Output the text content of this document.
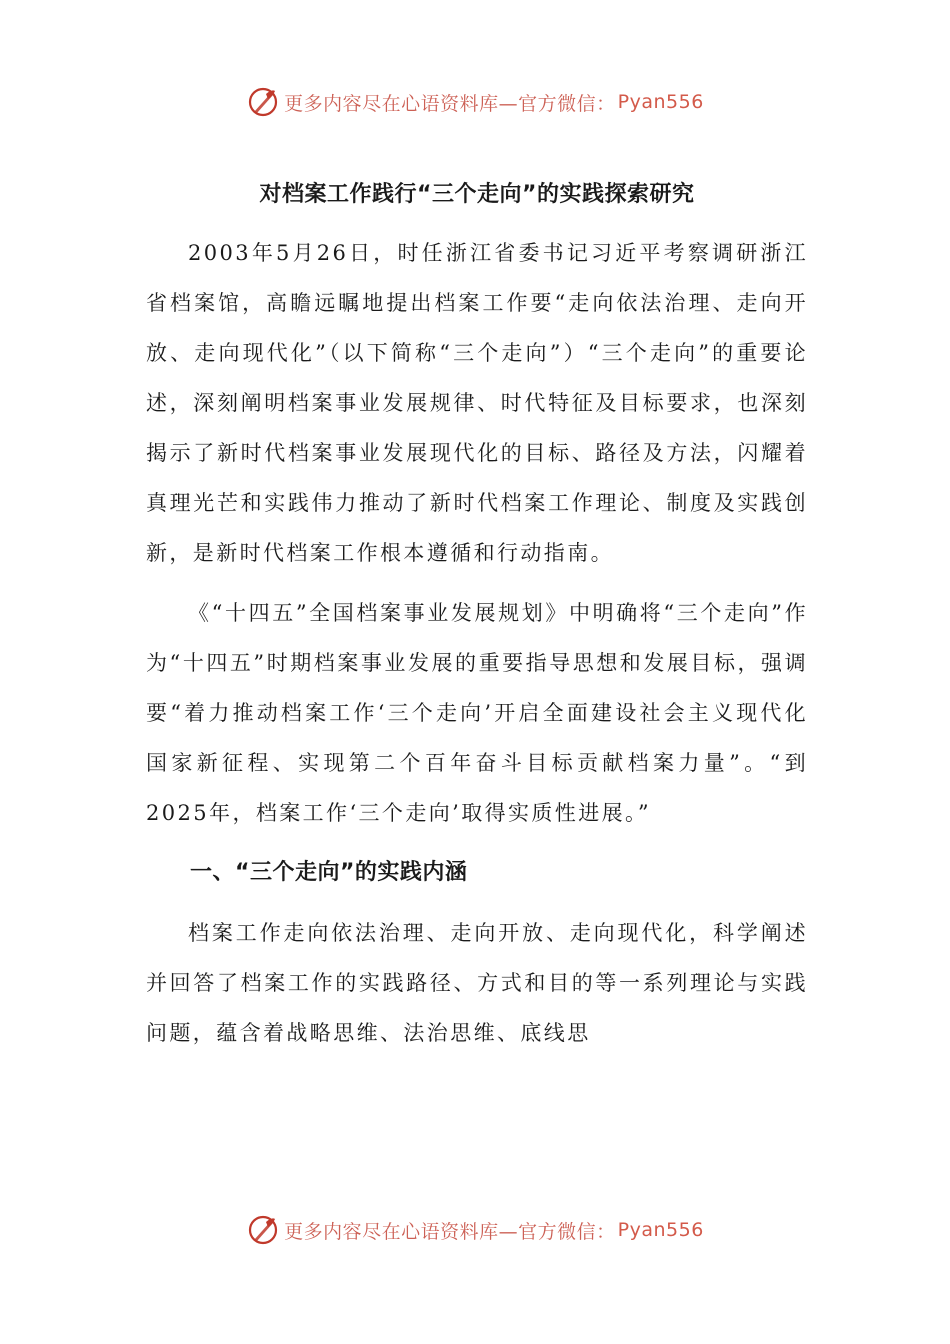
更多内容尽在心语资料库—官方微信： Pyan556
对档案工作践行“三个走向”的实践探索研究

2003年5月26日，时任浙江省委书记习近平考察调研浙江省档案馆，高瞻远瞩地提出档案工作要“走向依法治理、走向开放、走向现代化”（以下简称“三个走向”）“三个走向”的重要论述，深刻阐明档案事业发展规律、时代特征及目标要求，也深刻揭示了新时代档案事业发展现代化的目标、路径及方法，闪耀着真理光芒和实践伟力推动了新时代档案工作理论、制度及实践创新，是新时代档案工作根本遵循和行动指南。

《“十四五”全国档案事业发展规划》中明确将“三个走向”作为“十四五”时期档案事业发展的重要指导思想和发展目标，强调要“着力推动档案工作‘三个走向’开启全面建设社会主义现代化国家新征程、实现第二个百年奋斗目标贡献档案力量”。“到2025年，档案工作‘三个走向’取得实质性进展。”

一、“三个走向”的实践内涵

档案工作走向依法治理、走向开放、走向现代化，科学阐述并回答了档案工作的实践路径、方式和目的等一系列理论与实践问题，蕴含着战略思维、法治思维、底线思

更多内容尽在心语资料库—官方微信： Pyan556
